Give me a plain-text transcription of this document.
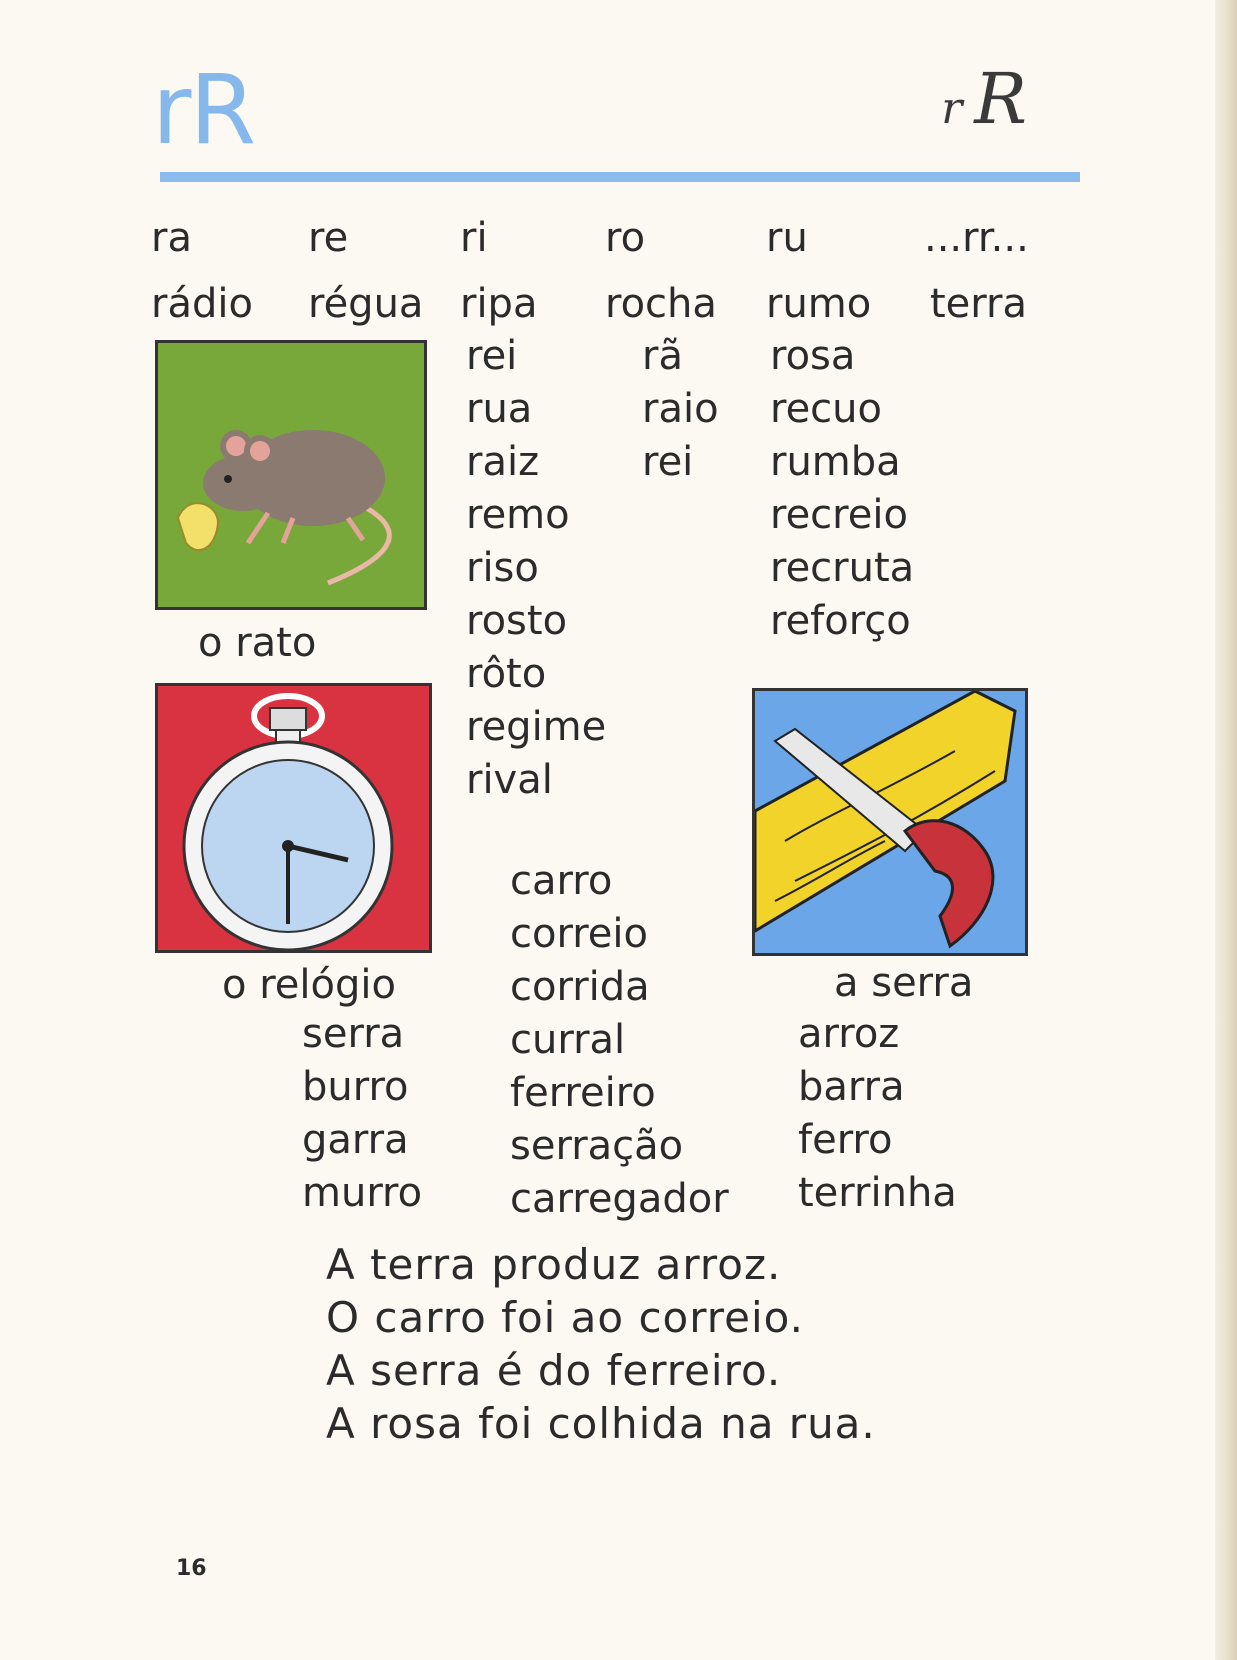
rR	r R
ra
rádio
re
régua
ri
ripa
ro
rocha
ru
rumo
...rr...
terra
o rato
o relógio	a serra
rei
rua
raiz
remo
riso
rosto
rôto
regime
rival
rã
raio
rei
rosa
recuo
rumba
recreio
recruta
reforço
carro
correio
corrida
curral
ferreiro
serração
carregador
serra
burro
garra
murro
arroz
barra
ferro
terrinha
A terra produz arroz.
O carro foi ao correio.
A serra é do ferreiro.
A rosa foi colhida na rua.
16
